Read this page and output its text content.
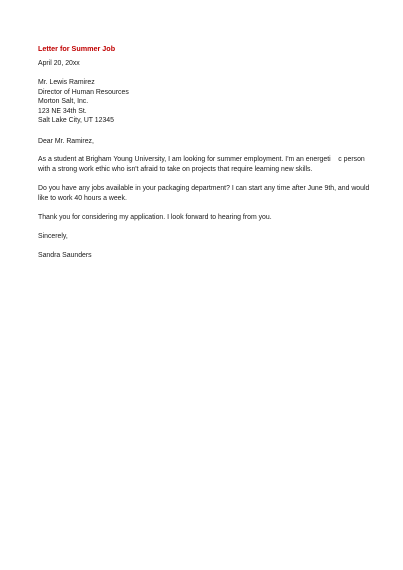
Letter for Summer Job
April 20, 20xx
Mr. Lewis Ramirez
Director of Human Resources
Morton Salt, Inc.
123 NE 34th St.
Salt Lake City, UT 12345
Dear Mr. Ramirez,
As a student at Brigham Young University, I am looking for summer employment. I'm an energeti    c person
with a strong work ethic who isn't afraid to take on projects that require learning new skills.
Do you have any jobs available in your packaging department? I can start any time after June 9th, and would
like to work 40 hours a week.
Thank you for considering my application. I look forward to hearing from you.
Sincerely,
Sandra Saunders
